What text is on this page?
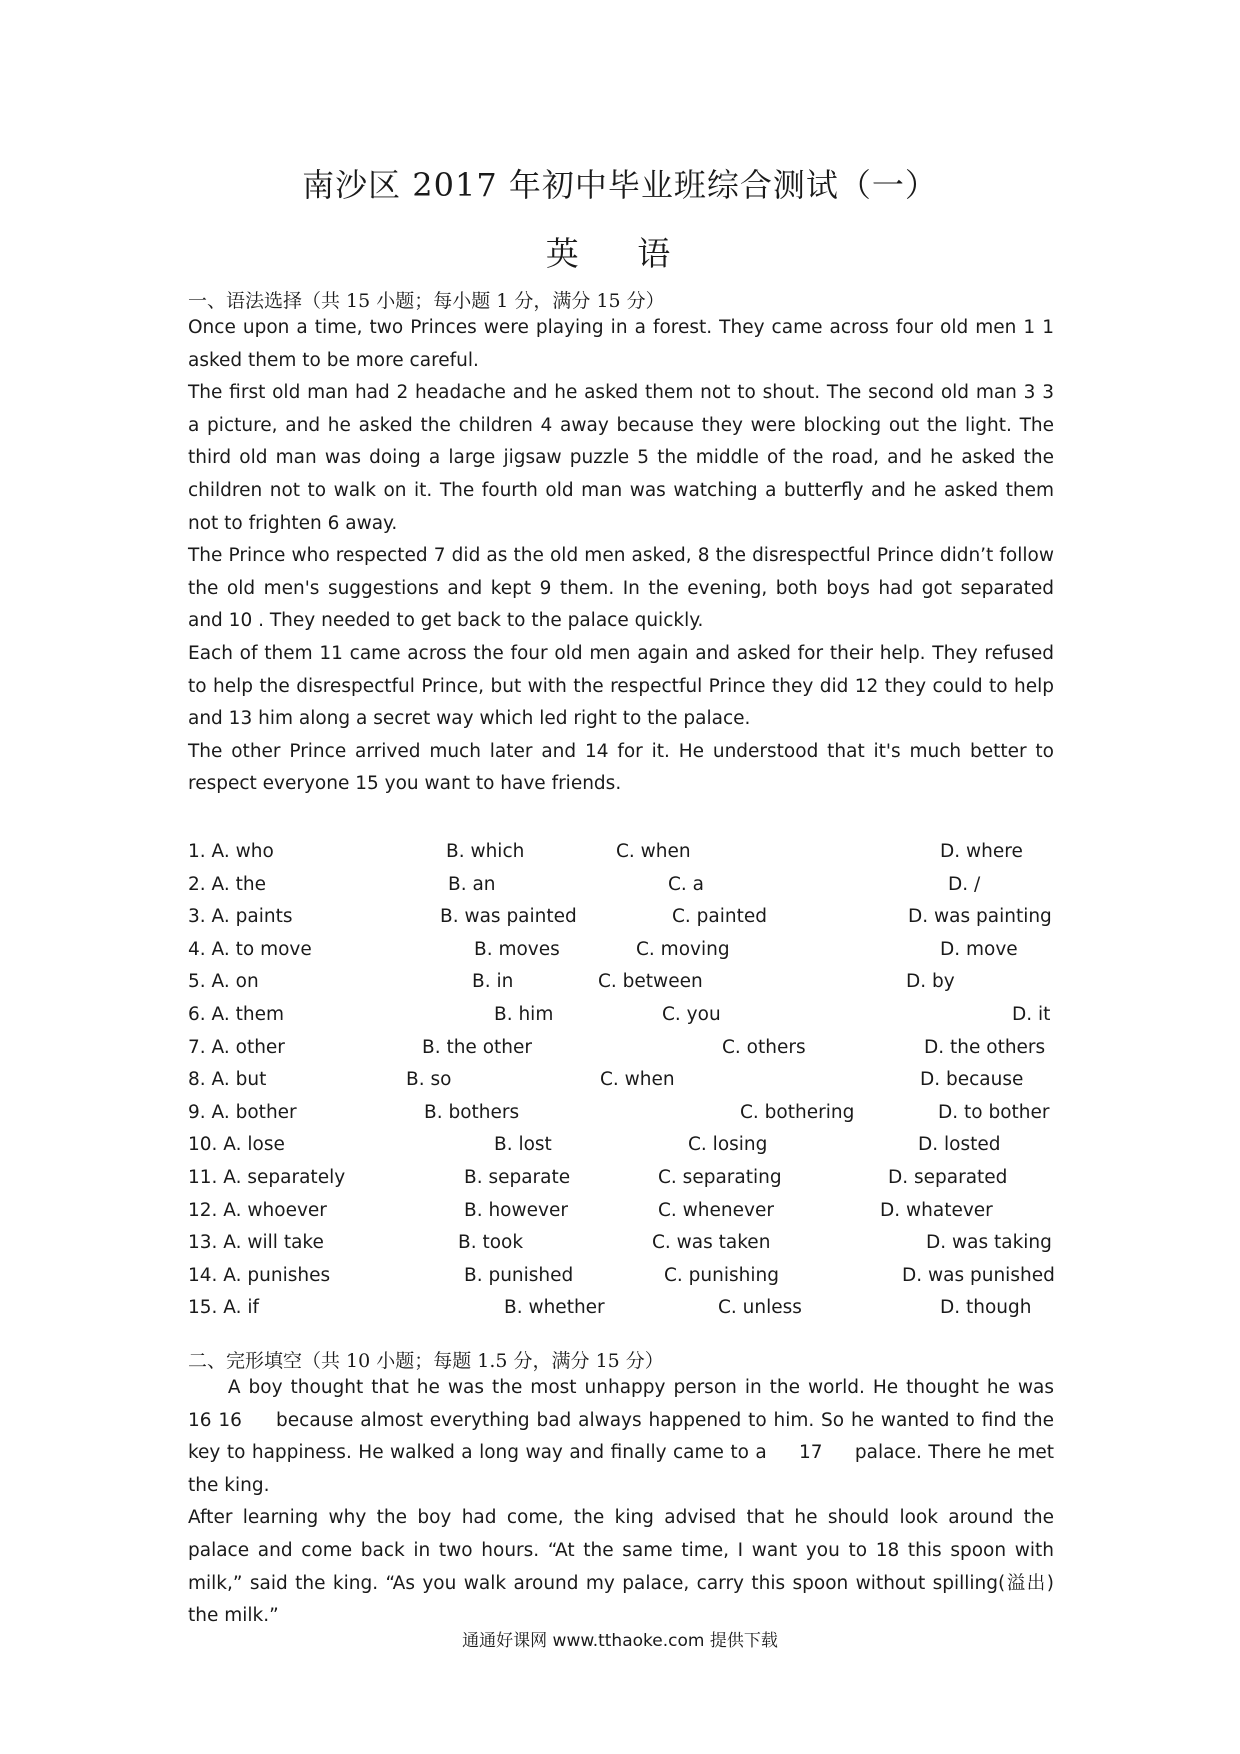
南沙区 2017 年初中毕业班综合测试（一）
英 语
一、语法选择（共 15 小题；每小题 1 分，满分 15 分）

Once upon a time, two Princes were playing in a forest. They came across four old men 1 1 asked them to be more careful.

The first old man had 2 headache and he asked them not to shout. The second old man 3 3 a picture, and he asked the children 4 away because they were blocking out the light. The third old man was doing a large jigsaw puzzle 5 the middle of the road, and he asked the children not to walk on it. The fourth old man was watching a butterfly and he asked them not to frighten 6 away.

The Prince who respected 7 did as the old men asked, 8 the disrespectful Prince didn’t follow the old men's suggestions and kept 9 them. In the evening, both boys had got separated and 10 . They needed to get back to the palace quickly.

Each of them 11 came across the four old men again and asked for their help. They refused to help the disrespectful Prince, but with the respectful Prince they did 12 they could to help and 13 him along a secret way which led right to the palace.

The other Prince arrived much later and 14 for it. He understood that it's much better to respect everyone 15 you want to have friends.

1. A. who	B. which	C. when	D. where
2. A. the	B. an	C. a	D. /
3. A. paints	B. was painted	C. painted	D. was painting
4. A. to move	B. moves	C. moving	D. move
5. A. on	B. in	C. between	D. by
6. A. them	B. him	C. you	D. it
7. A. other	B. the other	C. others	D. the others
8. A. but	B. so	C. when	D. because
9. A. bother	B. bothers	C. bothering	D. to bother
10. A. lose	B. lost	C. losing	D. losted
11. A. separately	B. separate	C. separating	D. separated
12. A. whoever	B. however	C. whenever	D. whatever
13. A. will take	B. took	C. was taken	D. was taking
14. A. punishes	B. punished	C. punishing	D. was punished
15. A. if	B. whether	C. unless	D. though
二、完形填空（共 10 小题；每题 1.5 分，满分 15 分）

A boy thought that he was the most unhappy person in the world. He thought he was    16 16     because almost everything bad always happened to him. So he wanted to find the key to happiness. He walked a long way and finally came to a     17     palace. There he met the king.

After learning why the boy had come, the king advised that he should look around the palace and come back in two hours. “At the same time, I want you to 18 this spoon with milk,” said the king. “As you walk around my palace, carry this spoon without spilling(溢出) the milk.”

通通好课网 www.tthaoke.com 提供下载
